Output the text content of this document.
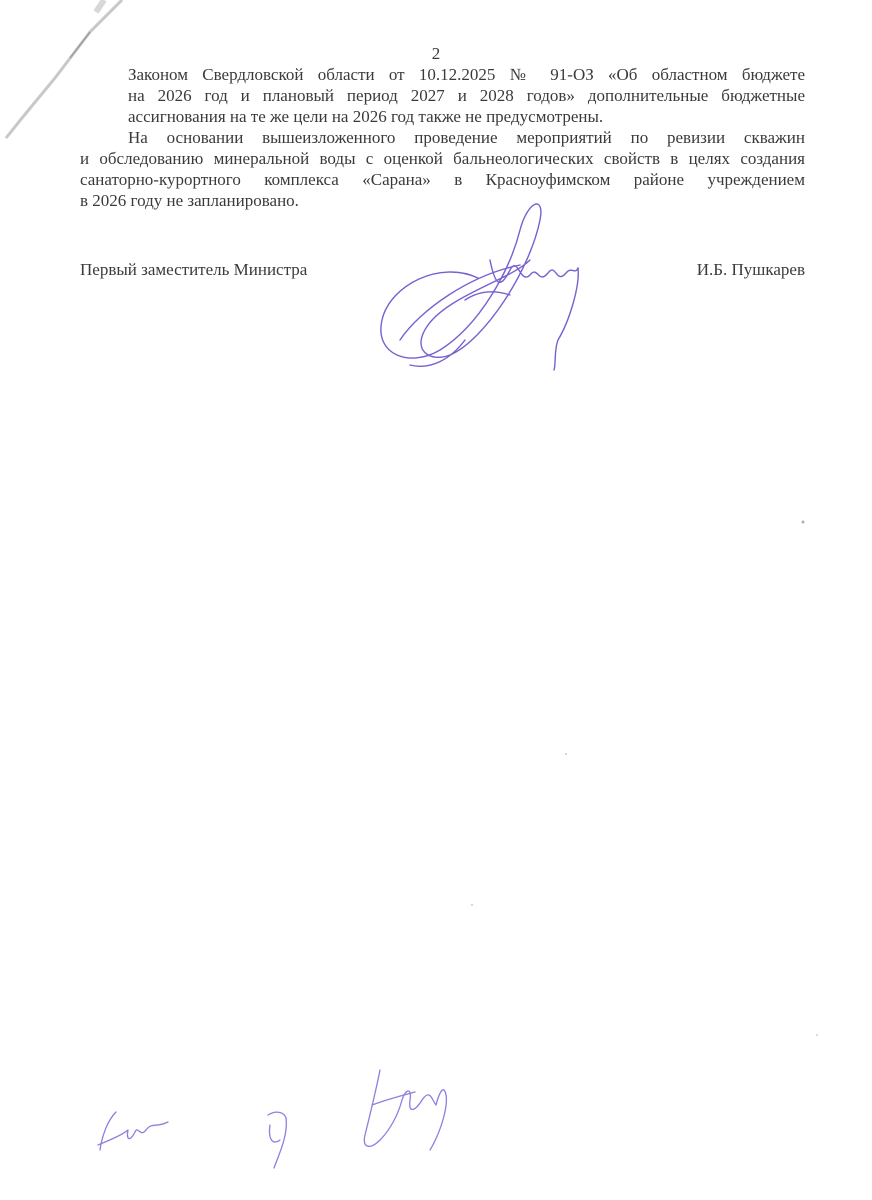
2

Законом Свердловской области от 10.12.2025 № 91-ОЗ «Об областном бюджете
на 2026 год и плановый период 2027 и 2028 годов» дополнительные бюджетные
ассигнования на те же цели на 2026 год также не предусмотрены.

На основании вышеизложенного проведение мероприятий по ревизии скважин
и обследованию минеральной воды с оценкой бальнеологических свойств в целях создания
санаторно-курортного комплекса «Сарана» в Красноуфимском районе учреждением
в 2026 году не запланировано.

Первый заместитель Министра	И.Б. Пушкарев
